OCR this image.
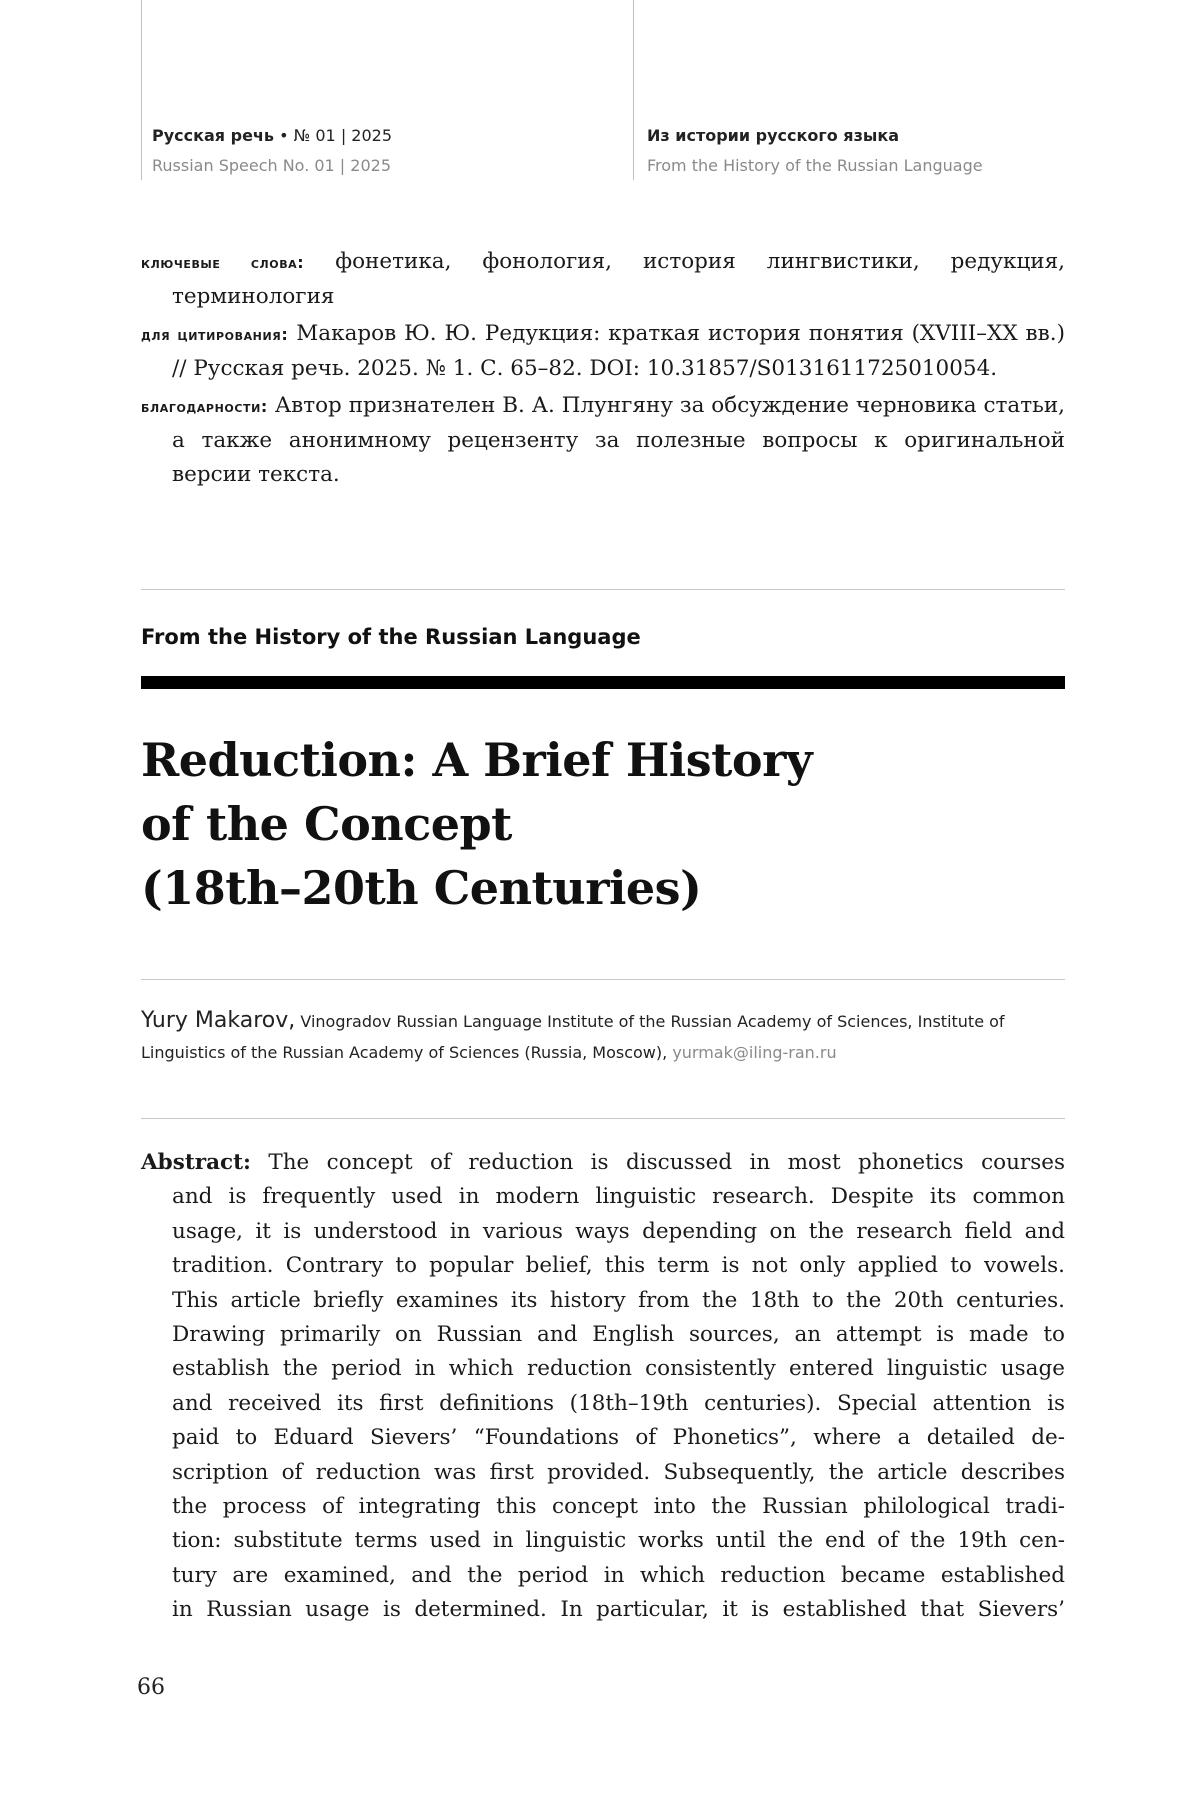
Русская речь • № 01 | 2025
Russian Speech No. 01 | 2025
Из истории русского языка
From the History of the Russian Language

ключевые слова: фонетика, фонология, история лингвистики, редукция, терминология

для цитирования: Макаров Ю. Ю. Редукция: краткая история понятия (XVIII–XX вв.) // Русская речь. 2025. № 1. С. 65–82. DOI: 10.31857/S0131611725010054.

благодарности: Автор признателен В. А. Плунгяну за обсуждение черновика статьи, а также анонимному рецензенту за полезные вопросы к оригинальной версии текста.

From the History of the Russian Language
Reduction: A Brief History
of the Concept
(18th–20th Centuries)
Yury Makarov, Vinogradov Russian Language Institute of the Russian Academy of Sciences, Institute of Linguistics of the Russian Academy of Sciences (Russia, Moscow), yurmak@iling-ran.ru
Abstract: The concept of reduction is discussed in most phonetics courses
and is frequently used in modern linguistic research. Despite its common
usage, it is understood in various ways depending on the research field and
tradition. Contrary to popular belief, this term is not only applied to vowels.
This article briefly examines its history from the 18th to the 20th centuries.
Drawing primarily on Russian and English sources, an attempt is made to
establish the period in which reduction consistently entered linguistic usage
and received its first definitions (18th–19th centuries). Special attention is
paid to Eduard Sievers’ “Foundations of Phonetics”, where a detailed de-
scription of reduction was first provided. Subsequently, the article describes
the process of integrating this concept into the Russian philological tradi-
tion: substitute terms used in linguistic works until the end of the 19th cen-
tury are examined, and the period in which reduction became established
in Russian usage is determined. In particular, it is established that Sievers’
66
